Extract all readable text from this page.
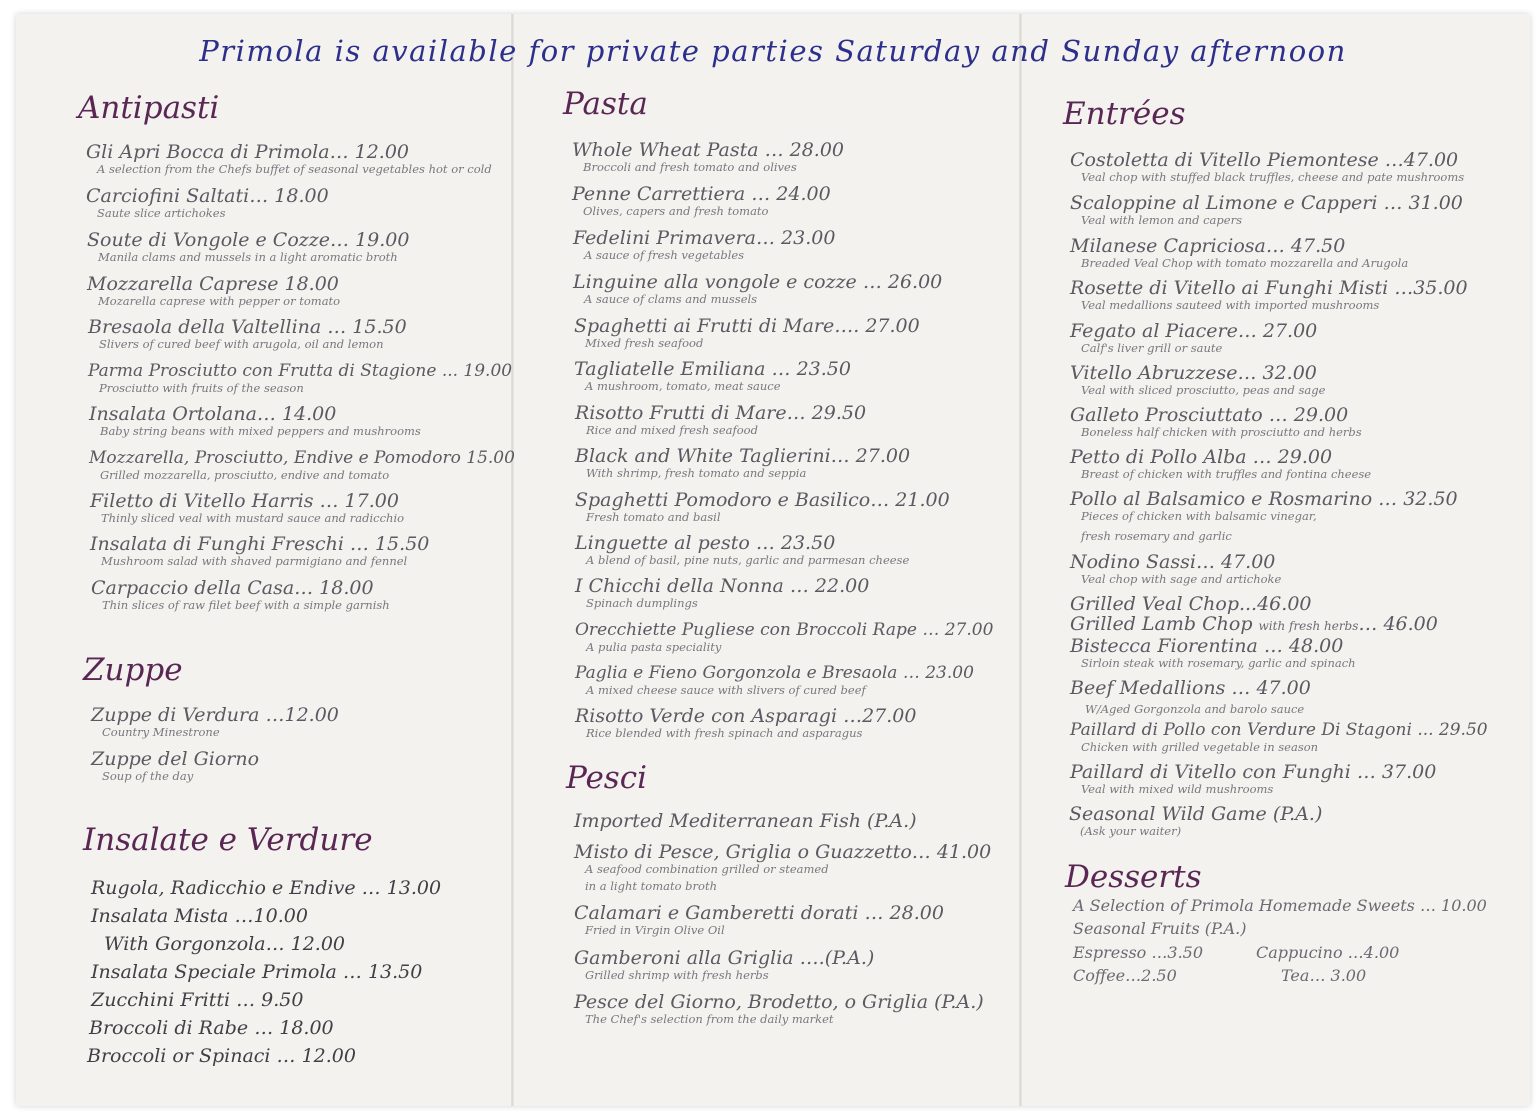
Primola is available for private parties Saturday and Sunday afternoon
Antipasti
Gli Apri Bocca di Primola… 12.00
A selection from the Chefs buffet of seasonal vegetables hot or cold
Carciofini Saltati… 18.00
Saute slice artichokes
Soute di Vongole e Cozze… 19.00
Manila clams and mussels in a light aromatic broth
Mozzarella Caprese 18.00
Mozarella caprese with pepper or tomato
Bresaola della Valtellina … 15.50
Slivers of cured beef with arugola, oil and lemon
Parma Prosciutto con Frutta di Stagione ... 19.00
Prosciutto with fruits of the season
Insalata Ortolana… 14.00
Baby string beans with mixed peppers and mushrooms
Mozzarella, Prosciutto, Endive e Pomodoro 15.00
Grilled mozzarella, prosciutto, endive and tomato
Filetto di Vitello Harris … 17.00
Thinly sliced veal with mustard sauce and radicchio
Insalata di Funghi Freschi … 15.50
Mushroom salad with shaved parmigiano and fennel
Carpaccio della Casa… 18.00
Thin slices of raw filet beef with a simple garnish
Zuppe
Zuppe di Verdura …12.00
Country Minestrone
Zuppe del Giorno
Soup of the day
Insalate e Verdure
Rugola, Radicchio e Endive … 13.00
Insalata Mista …10.00
With Gorgonzola… 12.00
Insalata Speciale Primola … 13.50
Zucchini Fritti … 9.50
Broccoli di Rabe … 18.00
Broccoli or Spinaci … 12.00
Pasta
Whole Wheat Pasta … 28.00
Broccoli and fresh tomato and olives
Penne Carrettiera … 24.00
Olives, capers and fresh tomato
Fedelini Primavera… 23.00
A sauce of fresh vegetables
Linguine alla vongole e cozze … 26.00
A sauce of clams and mussels
Spaghetti ai Frutti di Mare…. 27.00
Mixed fresh seafood
Tagliatelle Emiliana … 23.50
A mushroom, tomato, meat sauce
Risotto Frutti di Mare… 29.50
Rice and mixed fresh seafood
Black and White Taglierini… 27.00
With shrimp, fresh tomato and seppia
Spaghetti Pomodoro e Basilico… 21.00
Fresh tomato and basil
Linguette al pesto … 23.50
A blend of basil, pine nuts, garlic and parmesan cheese
I Chicchi della Nonna … 22.00
Spinach dumplings
Orecchiette Pugliese con Broccoli Rape … 27.00
A pulia pasta speciality
Paglia e Fieno Gorgonzola e Bresaola … 23.00
A mixed cheese sauce with slivers of cured beef
Risotto Verde con Asparagi …27.00
Rice blended with fresh spinach and asparagus
Pesci
Imported Mediterranean Fish (P.A.)
Misto di Pesce, Griglia o Guazzetto… 41.00
A seafood combination grilled or steamed
in a light tomato broth
Calamari e Gamberetti dorati … 28.00
Fried in Virgin Olive Oil
Gamberoni alla Griglia ….(P.A.)
Grilled shrimp with fresh herbs
Pesce del Giorno, Brodetto, o Griglia (P.A.)
The Chef's selection from the daily market
Entrées
Costoletta di Vitello Piemontese …47.00
Veal chop with stuffed black truffles, cheese and pate mushrooms
Scaloppine al Limone e Capperi … 31.00
Veal with lemon and capers
Milanese Capriciosa… 47.50
Breaded Veal Chop with tomato mozzarella and Arugola
Rosette di Vitello ai Funghi Misti …35.00
Veal medallions sauteed with imported mushrooms
Fegato al Piacere… 27.00
Calf's liver grill or saute
Vitello Abruzzese… 32.00
Veal with sliced prosciutto, peas and sage
Galleto Prosciuttato … 29.00
Boneless half chicken with prosciutto and herbs
Petto di Pollo Alba … 29.00
Breast of chicken with truffles and fontina cheese
Pollo al Balsamico e Rosmarino … 32.50
Pieces of chicken with balsamic vinegar,
fresh rosemary and garlic
Nodino Sassi… 47.00
Veal chop with sage and artichoke
Grilled Veal Chop...46.00
Grilled Lamb Chop with fresh herbs… 46.00
Bistecca Fiorentina … 48.00
Sirloin steak with rosemary, garlic and spinach
Beef Medallions … 47.00
W/Aged Gorgonzola and barolo sauce
Paillard di Pollo con Verdure Di Stagoni ... 29.50
Chicken with grilled vegetable in season
Paillard di Vitello con Funghi … 37.00
Veal with mixed wild mushrooms
Seasonal Wild Game (P.A.)
(Ask your waiter)
Desserts
A Selection of Primola Homemade Sweets … 10.00
Seasonal Fruits (P.A.)
Espresso …3.50	Cappucino …4.00
Coffee…2.50	Tea… 3.00
